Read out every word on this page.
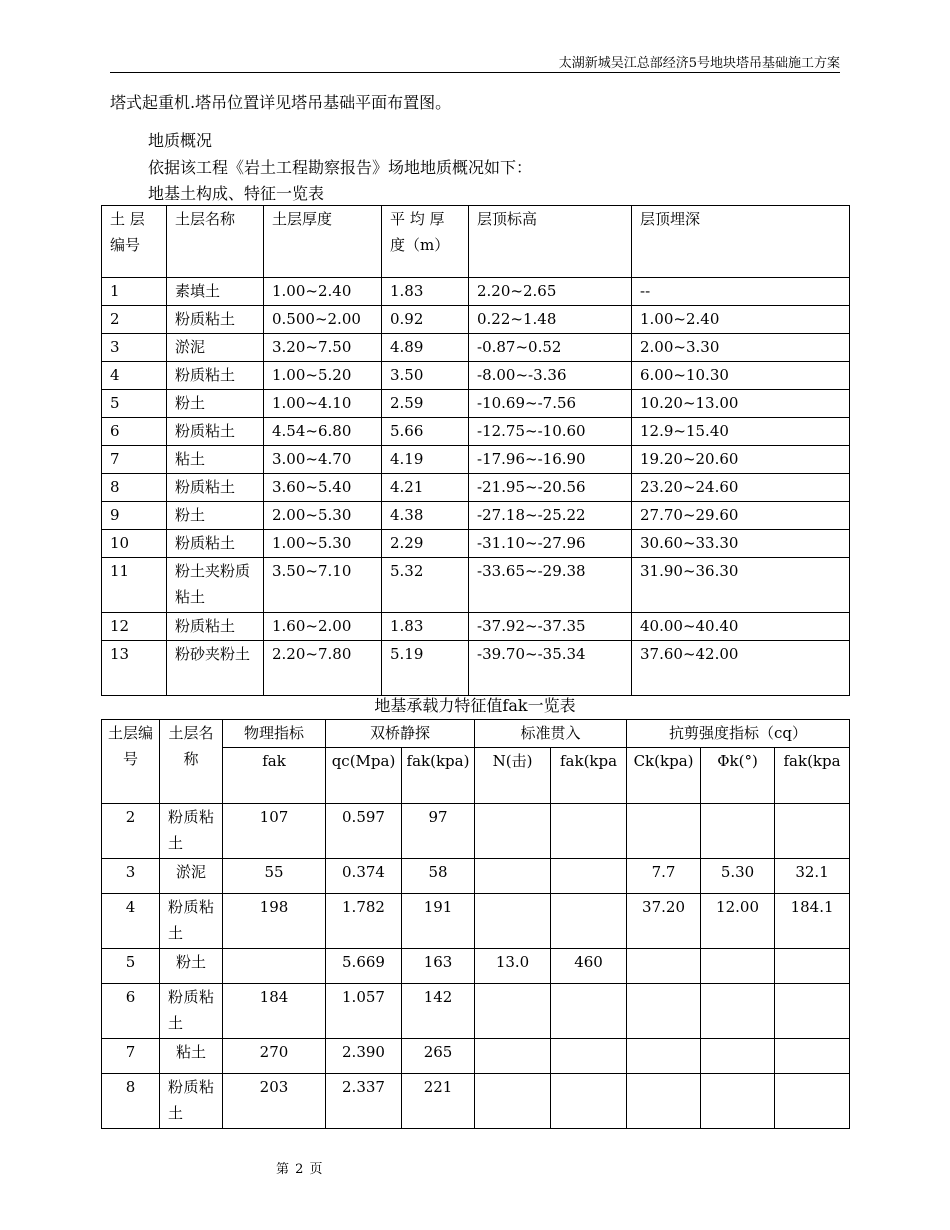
太湖新城吴江总部经济5号地块塔吊基础施工方案
塔式起重机.塔吊位置详见塔吊基础平面布置图。
地质概况
依据该工程《岩土工程勘察报告》场地地质概况如下：
地基土构成、特征一览表
土 层 编号	土层名称	土层厚度	平 均 厚 度（m）	层顶标高	层顶埋深
1	素填土	1.00~2.40	1.83	2.20~2.65	--
2	粉质粘土	0.500~2.00	0.92	0.22~1.48	1.00~2.40
3	淤泥	3.20~7.50	4.89	-0.87~0.52	2.00~3.30
4	粉质粘土	1.00~5.20	3.50	-8.00~-3.36	6.00~10.30
5	粉土	1.00~4.10	2.59	-10.69~-7.56	10.20~13.00
6	粉质粘土	4.54~6.80	5.66	-12.75~-10.60	12.9~15.40
7	粘土	3.00~4.70	4.19	-17.96~-16.90	19.20~20.60
8	粉质粘土	3.60~5.40	4.21	-21.95~-20.56	23.20~24.60
9	粉土	2.00~5.30	4.38	-27.18~-25.22	27.70~29.60
10	粉质粘土	1.00~5.30	2.29	-31.10~-27.96	30.60~33.30
11	粉土夹粉质粘土	3.50~7.10	5.32	-33.65~-29.38	31.90~36.30
12	粉质粘土	1.60~2.00	1.83	-37.92~-37.35	40.00~40.40
13	粉砂夹粉土	2.20~7.80	5.19	-39.70~-35.34	37.60~42.00
地基承载力特征值fak一览表
土层编号	土层名称	物理指标	双桥静探		标准贯入		抗剪强度指标（cq）		
		fak	qc(Mpa)	fak(kpa)	N(击)	fak(kpa	Ck(kpa)	Φk(°)	fak(kpa
2	粉质粘土	107	0.597	97					
3	淤泥	55	0.374	58			7.7	5.30	32.1
4	粉质粘土	198	1.782	191			37.20	12.00	184.1
5	粉土		5.669	163	13.0	460			
6	粉质粘土	184	1.057	142					
7	粘土	270	2.390	265					
8	粉质粘土	203	2.337	221					
第 2 页
